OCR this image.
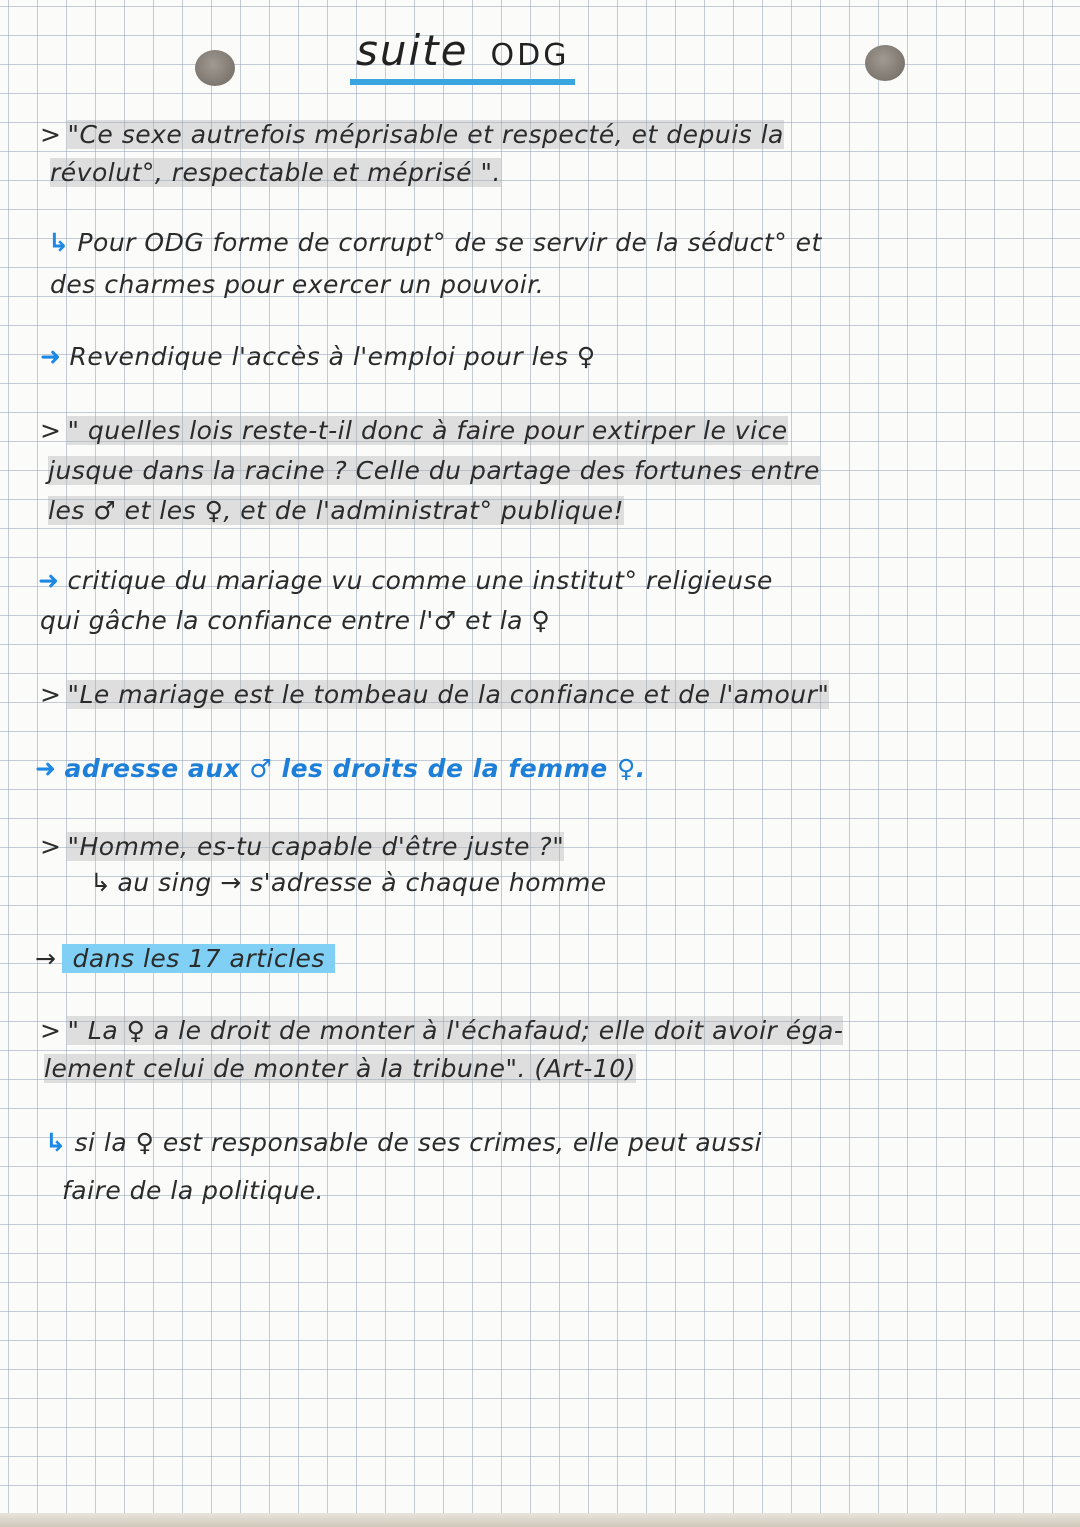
suite ODG
> "Ce sexe autrefois méprisable et respecté, et depuis la
révolut°, respectable et méprisé ".
↳ Pour ODG forme de corrupt° de se servir de la séduct° et
des charmes pour exercer un pouvoir.
➜ Revendique l'accès à l'emploi pour les ♀
> " quelles lois reste-t-il donc à faire pour extirper le vice
jusque dans la racine ? Celle du partage des fortunes entre
les ♂ et les ♀, et de l'administrat° publique!
➜ critique du mariage vu comme une institut° religieuse
qui gâche la confiance entre l'♂ et la ♀
> "Le mariage est le tombeau de la confiance et de l'amour"
➜ adresse aux ♂ les droits de la femme ♀.
> "Homme, es-tu capable d'être juste ?"
↳ au sing → s'adresse à chaque homme
→ dans les 17 articles
> " La ♀ a le droit de monter à l'échafaud; elle doit avoir éga-
lement celui de monter à la tribune". (Art-10)
↳ si la ♀ est responsable de ses crimes, elle peut aussi
faire de la politique.
